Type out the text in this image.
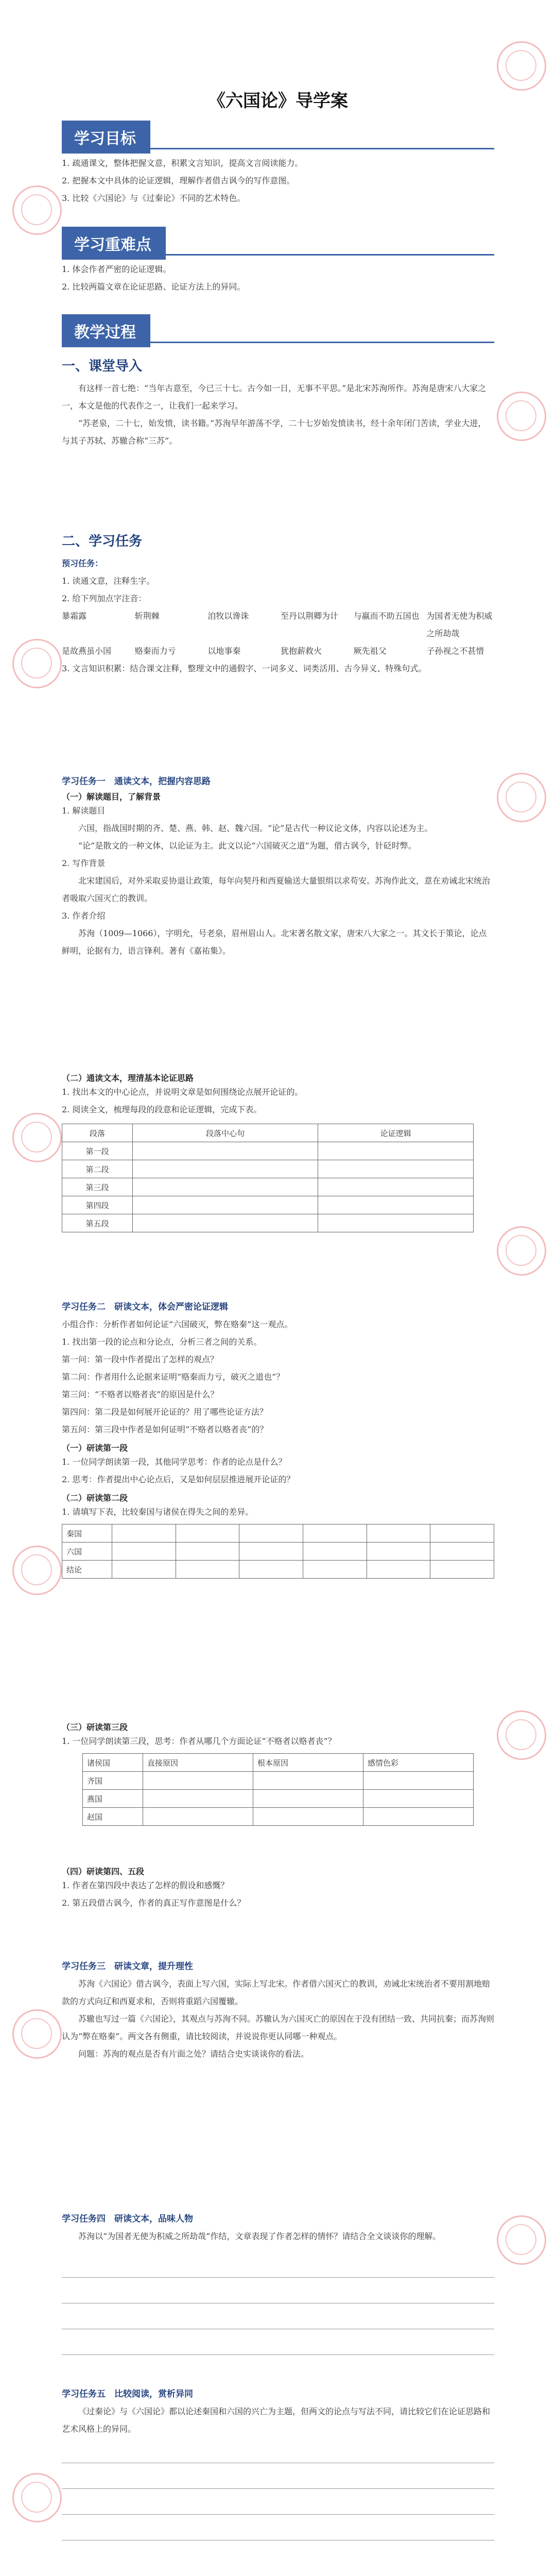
《六国论》导学案
学习目标

1. 疏通课文，整体把握文意，积累文言知识，提高文言阅读能力。

2. 把握本文中具体的论证逻辑，理解作者借古讽今的写作意图。

3. 比较《六国论》与《过秦论》不同的艺术特色。

学习重难点

1. 体会作者严密的论证逻辑。

2. 比较两篇文章在论证思路、论证方法上的异同。

教学过程

一、课堂导入

有这样一首七绝：“当年古意至，今已三十七。古今如一日，无事不平思。”是北宋苏洵所作。苏洵是唐宋八大家之一，本文是他的代表作之一，让我们一起来学习。

“苏老泉，二十七，始发愤，读书籍。”苏洵早年游荡不学，二十七岁始发愤读书，经十余年闭门苦读，学业大进，与其子苏轼、苏辙合称“三苏”。

二、学习任务

预习任务：

1. 读通文意，注释生字。

2. 给下列加点字注音：

暴霜露	斩荆棘	洎牧以谗诛	至丹以荆卿为计	与嬴而不助五国也 为国者无使为积威之所劫哉
是故燕虽小国	赂秦而力亏	以地事秦	犹抱薪救火	厥先祖父	子孙视之不甚惜

3. 文言知识积累：结合课文注释，整理文中的通假字、一词多义、词类活用、古今异义、特殊句式。

学习任务一　通读文本，把握内容思路

（一）解读题目，了解背景

1. 解读题目

六国，指战国时期的齐、楚、燕、韩、赵、魏六国。“论”是古代一种议论文体，内容以论述为主。

“论”是散文的一种文体，以论证为主。此文以论“六国破灭之道”为题，借古讽今，针砭时弊。

2. 写作背景

北宋建国后，对外采取妥协退让政策，每年向契丹和西夏输送大量银绢以求苟安。苏洵作此文，意在劝诫北宋统治者吸取六国灭亡的教训。

3. 作者介绍

苏洵（1009—1066），字明允，号老泉，眉州眉山人。北宋著名散文家，唐宋八大家之一。其文长于策论，论点鲜明，论据有力，语言锋利。著有《嘉祐集》。

（二）通读文本，理清基本论证思路

1. 找出本文的中心论点，并说明文章是如何围绕论点展开论证的。

2. 阅读全文，梳理每段的段意和论证逻辑，完成下表。

段落	段落中心句	论证逻辑
第一段		
第二段		
第三段		
第四段		
第五段		

学习任务二　研读文本，体会严密论证逻辑

小组合作：分析作者如何论证“六国破灭，弊在赂秦”这一观点。

1. 找出第一段的论点和分论点，分析三者之间的关系。

第一问：第一段中作者提出了怎样的观点？

第二问：作者用什么论据来证明“赂秦而力亏，破灭之道也”？

第三问：“不赂者以赂者丧”的原因是什么？

第四问：第二段是如何展开论证的？用了哪些论证方法？

第五问：第三段中作者是如何证明“不赂者以赂者丧”的？

（一）研读第一段

1. 一位同学朗读第一段，其他同学思考：作者的论点是什么？

2. 思考：作者提出中心论点后，又是如何层层推进展开论证的？

（二）研读第二段

1. 请填写下表，比较秦国与诸侯在得失之间的差异。

秦国						
六国						
结论						

（三）研读第三段

1. 一位同学朗读第三段，思考：作者从哪几个方面论证“不赂者以赂者丧”？

诸侯国	直接原因	根本原因	感情色彩
齐国			
燕国			
赵国			

（四）研读第四、五段

1. 作者在第四段中表达了怎样的假设和感慨？

2. 第五段借古讽今，作者的真正写作意图是什么？

学习任务三　研读文章，提升理性

苏洵《六国论》借古讽今，表面上写六国，实际上写北宋。作者借六国灭亡的教训，劝诫北宋统治者不要用割地赔款的方式向辽和西夏求和，否则将重蹈六国覆辙。

苏辙也写过一篇《六国论》，其观点与苏洵不同。苏辙认为六国灭亡的原因在于没有团结一致、共同抗秦；而苏洵则认为“弊在赂秦”。两文各有侧重，请比较阅读，并说说你更认同哪一种观点。

问题：苏洵的观点是否有片面之处？请结合史实谈谈你的看法。

学习任务四　研读文本，品味人物

苏洵以“为国者无使为积威之所劫哉”作结，文章表现了作者怎样的情怀？请结合全文谈谈你的理解。

学习任务五　比较阅读，赏析异同

《过秦论》与《六国论》都以论述秦国和六国的兴亡为主题，但两文的论点与写法不同，请比较它们在论证思路和艺术风格上的异同。
